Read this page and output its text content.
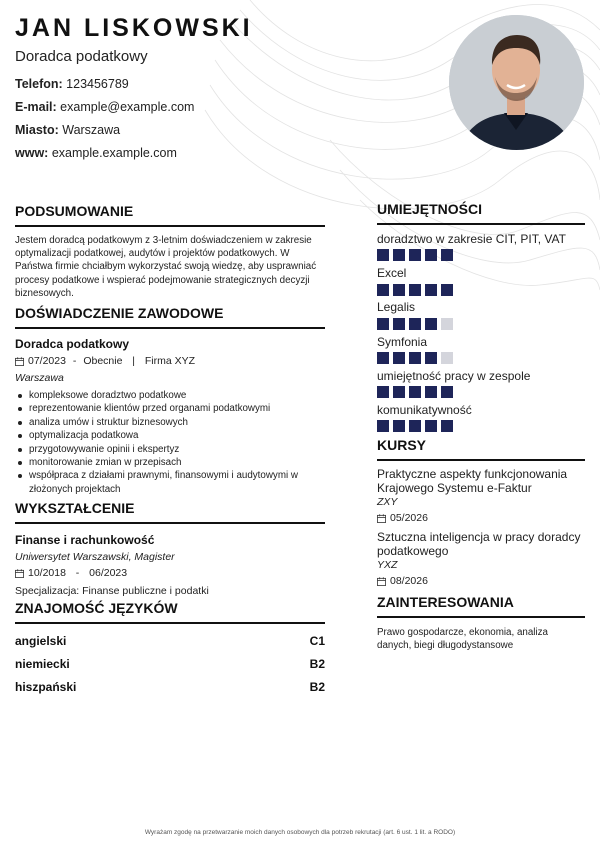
JAN LISKOWSKI
Doradca podatkowy
Telefon: 123456789
E-mail: example@example.com
Miasto: Warszawa
www: example.example.com
PODSUMOWANIE
Jestem doradcą podatkowym z 3-letnim doświadczeniem w zakresie optymalizacji podatkowej, audytów i projektów podatkowych. W Państwa firmie chciałbym wykorzystać swoją wiedzę, aby usprawniać procesy podatkowe i wspierać podejmowanie strategicznych decyzji biznesowych.
DOŚWIADCZENIE ZAWODOWE
Doradca podatkowy
07/2023 - Obecnie | Firma XYZ
Warszawa
kompleksowe doradztwo podatkowe
reprezentowanie klientów przed organami podatkowymi
analiza umów i struktur biznesowych
optymalizacja podatkowa
przygotowywanie opinii i ekspertyz
monitorowanie zmian w przepisach
współpraca z działami prawnymi, finansowymi i audytowymi w złożonych projektach
WYKSZTAŁCENIE
Finanse i rachunkowość
Uniwersytet Warszawski, Magister
10/2018 - 06/2023
Specjalizacja: Finanse publiczne i podatki
ZNAJOMOŚĆ JĘZYKÓW
angielski	C1
niemiecki	B2
hiszpański	B2
UMIEJĘTNOŚCI
doradztwo w zakresie CIT, PIT, VAT
Excel
Legalis
Symfonia
umiejętność pracy w zespole
komunikatywność
KURSY
Praktyczne aspekty funkcjonowania Krajowego Systemu e-Faktur
ZXY
05/2026
Sztuczna inteligencja w pracy doradcy podatkowego
YXZ
08/2026
ZAINTERESOWANIA
Prawo gospodarcze, ekonomia, analiza danych, biegi długodystansowe
Wyrażam zgodę na przetwarzanie moich danych osobowych dla potrzeb rekrutacji (art. 6 ust. 1 lit. a RODO)
